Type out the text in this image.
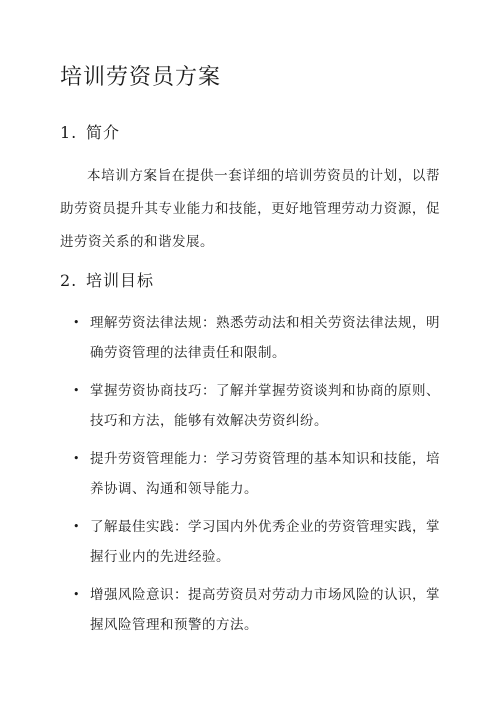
培训劳资员方案
1. 简介

本培训方案旨在提供一套详细的培训劳资员的计划，以帮助劳资员提升其专业能力和技能，更好地管理劳动力资源，促进劳资关系的和谐发展。

2. 培训目标
• 理解劳资法律法规：熟悉劳动法和相关劳资法律法规，明确劳资管理的法律责任和限制。
• 掌握劳资协商技巧：了解并掌握劳资谈判和协商的原则、技巧和方法，能够有效解决劳资纠纷。
• 提升劳资管理能力：学习劳资管理的基本知识和技能，培养协调、沟通和领导能力。
• 了解最佳实践：学习国内外优秀企业的劳资管理实践，掌握行业内的先进经验。
• 增强风险意识：提高劳资员对劳动力市场风险的认识，掌握风险管理和预警的方法。
